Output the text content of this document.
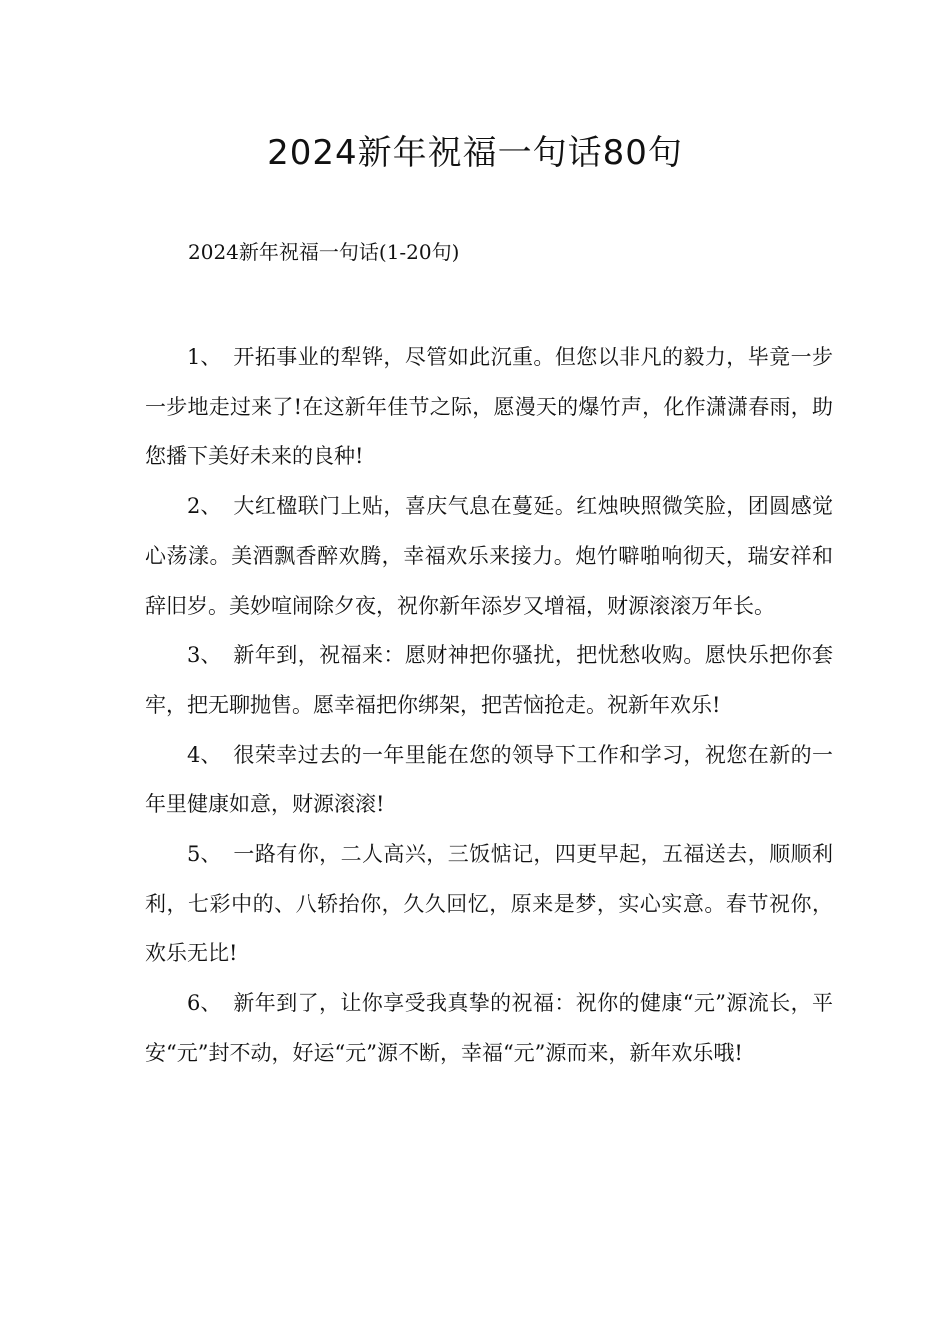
2024新年祝福一句话80句
2024新年祝福一句话(1-20句)

1、 开拓事业的犁铧，尽管如此沉重。但您以非凡的毅力，毕竟一步一步地走过来了!在这新年佳节之际，愿漫天的爆竹声，化作潇潇春雨，助您播下美好未来的良种!

2、 大红楹联门上贴，喜庆气息在蔓延。红烛映照微笑脸，团圆感觉心荡漾。美酒飘香醉欢腾，幸福欢乐来接力。炮竹噼啪响彻天，瑞安祥和辞旧岁。美妙喧闹除夕夜，祝你新年添岁又增福，财源滚滚万年长。

3、 新年到，祝福来：愿财神把你骚扰，把忧愁收购。愿快乐把你套牢，把无聊抛售。愿幸福把你绑架，把苦恼抢走。祝新年欢乐!

4、 很荣幸过去的一年里能在您的领导下工作和学习，祝您在新的一年里健康如意，财源滚滚!

5、 一路有你，二人高兴，三饭惦记，四更早起，五福送去，顺顺利利，七彩中的、八轿抬你，久久回忆，原来是梦，实心实意。春节祝你，欢乐无比!

6、 新年到了，让你享受我真挚的祝福：祝你的健康“元”源流长，平安“元”封不动，好运“元”源不断，幸福“元”源而来，新年欢乐哦!
